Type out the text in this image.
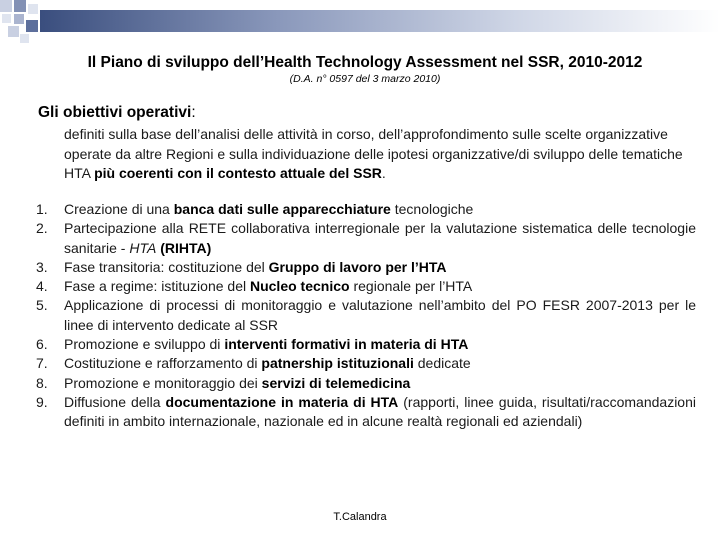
Il Piano di sviluppo dell’Health Technology Assessment nel SSR, 2010-2012
(D.A. n° 0597 del 3 marzo 2010)
Gli obiettivi operativi:
definiti sulla base dell’analisi delle attività in corso, dell’approfondimento sulle scelte organizzative operate da altre Regioni e sulla individuazione delle ipotesi organizzative/di sviluppo delle tematiche HTA più coerenti con il contesto attuale del SSR.
1. Creazione di una banca dati sulle apparecchiature tecnologiche
2. Partecipazione alla RETE collaborativa interregionale per la valutazione sistematica delle tecnologie sanitarie - HTA (RIHTA)
3. Fase transitoria: costituzione del Gruppo di lavoro per l’HTA
4. Fase a regime: istituzione del Nucleo tecnico regionale per l’HTA
5. Applicazione di processi di monitoraggio e valutazione nell’ambito del PO FESR 2007-2013 per le linee di intervento dedicate al SSR
6. Promozione e sviluppo di interventi formativi in materia di HTA
7. Costituzione e rafforzamento di patnership istituzionali dedicate
8. Promozione e monitoraggio dei servizi di telemedicina
9. Diffusione della documentazione in materia di HTA (rapporti, linee guida, risultati/raccomandazioni definiti in ambito internazionale, nazionale ed in alcune realtà regionali ed aziendali)
T.Calandra
